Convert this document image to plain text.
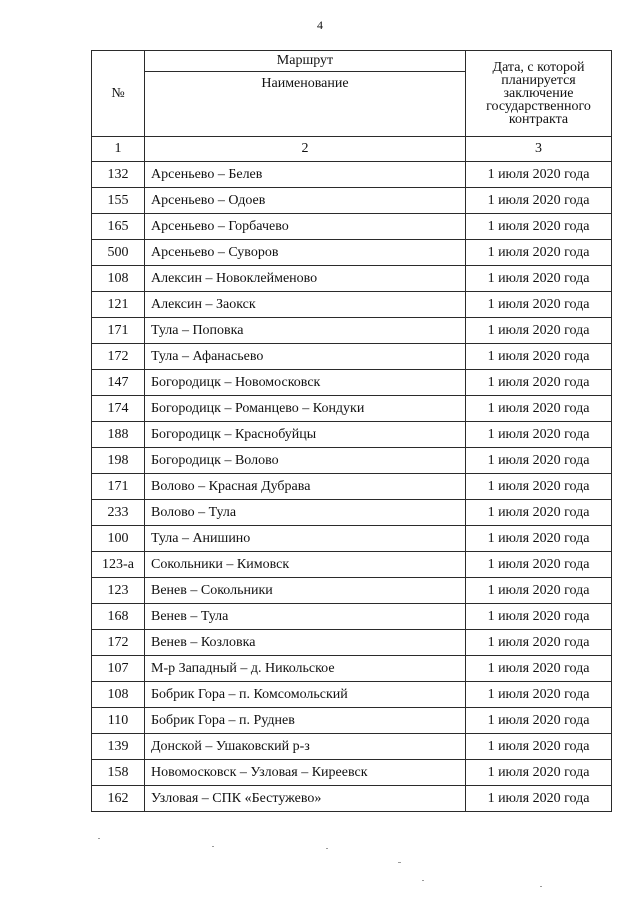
4
№	Маршрут	Дата, с которой
планируется
заключение
государственного
контракта

	Наименование	
1	2	3
132	Арсеньево – Белев	1 июля 2020 года
155	Арсеньево – Одоев	1 июля 2020 года
165	Арсеньево – Горбачево	1 июля 2020 года
500	Арсеньево – Суворов	1 июля 2020 года
108	Алексин – Новоклейменово	1 июля 2020 года
121	Алексин – Заокск	1 июля 2020 года
171	Тула – Поповка	1 июля 2020 года
172	Тула – Афанасьево	1 июля 2020 года
147	Богородицк – Новомосковск	1 июля 2020 года
174	Богородицк – Романцево – Кондуки	1 июля 2020 года
188	Богородицк – Краснобуйцы	1 июля 2020 года
198	Богородицк – Волово	1 июля 2020 года
171	Волово – Красная Дубрава	1 июля 2020 года
233	Волово – Тула	1 июля 2020 года
100	Тула – Анишино	1 июля 2020 года
123-а	Сокольники – Кимовск	1 июля 2020 года
123	Венев – Сокольники	1 июля 2020 года
168	Венев – Тула	1 июля 2020 года
172	Венев – Козловка	1 июля 2020 года
107	М-р Западный – д. Никольское	1 июля 2020 года
108	Бобрик Гора – п. Комсомольский	1 июля 2020 года
110	Бобрик Гора – п. Руднев	1 июля 2020 года
139	Донской – Ушаковский р-з	1 июля 2020 года
158	Новомосковск – Узловая – Киреевск	1 июля 2020 года
162	Узловая – СПК «Бестужево»	1 июля 2020 года
